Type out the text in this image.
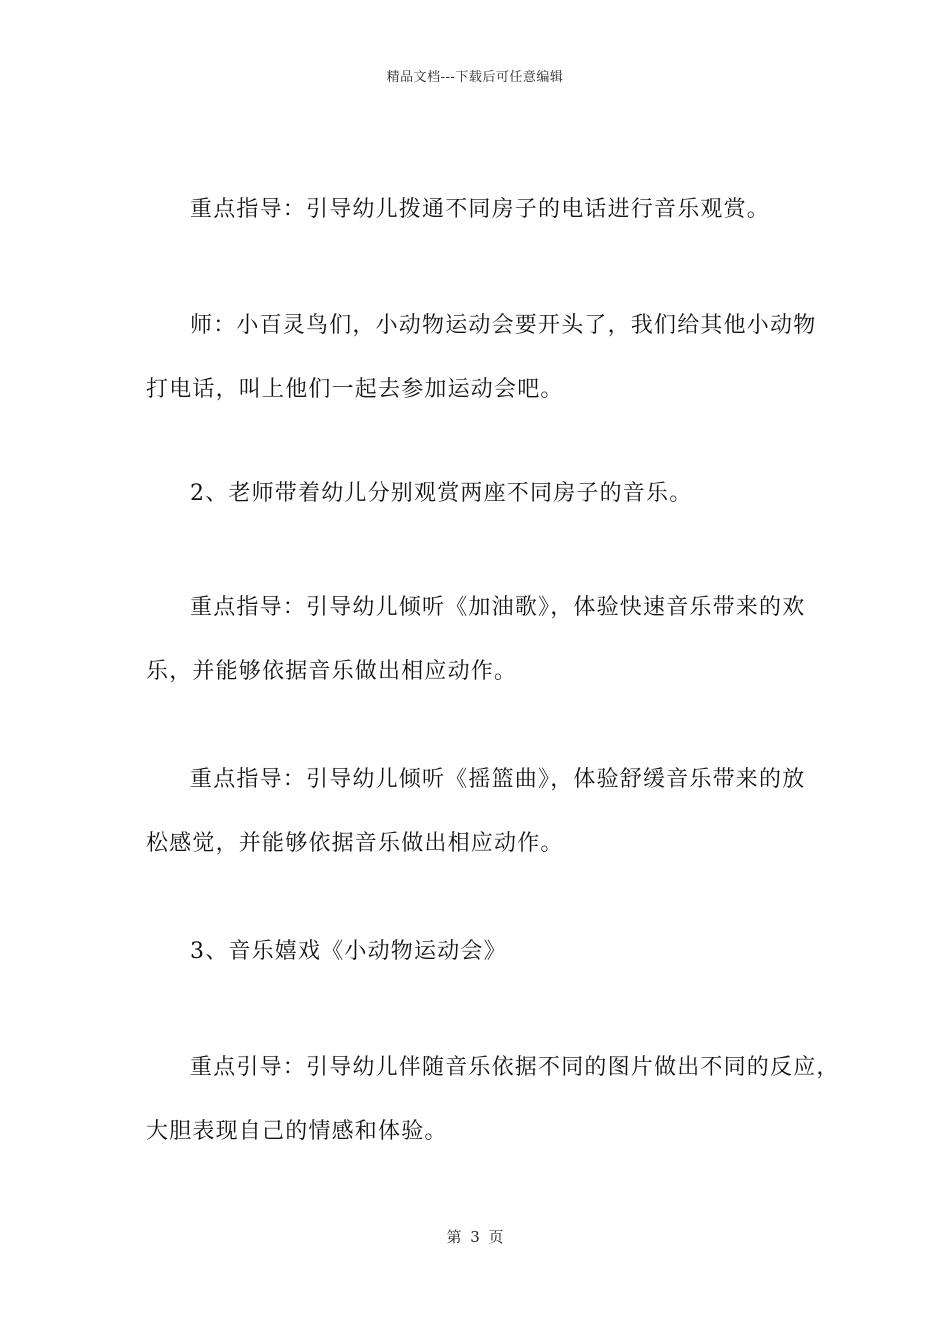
精品文档---下载后可任意编辑
重点指导：引导幼儿拨通不同房子的电话进行音乐观赏。
师：小百灵鸟们，小动物运动会要开头了，我们给其他小动物
打电话，叫上他们一起去参加运动会吧。
2、老师带着幼儿分别观赏两座不同房子的音乐。
重点指导：引导幼儿倾听《加油歌》，体验快速音乐带来的欢
乐，并能够依据音乐做出相应动作。
重点指导：引导幼儿倾听《摇篮曲》，体验舒缓音乐带来的放
松感觉，并能够依据音乐做出相应动作。
3、音乐嬉戏《小动物运动会》
重点引导：引导幼儿伴随音乐依据不同的图片做出不同的反应，
大胆表现自己的情感和体验。
第 3 页
